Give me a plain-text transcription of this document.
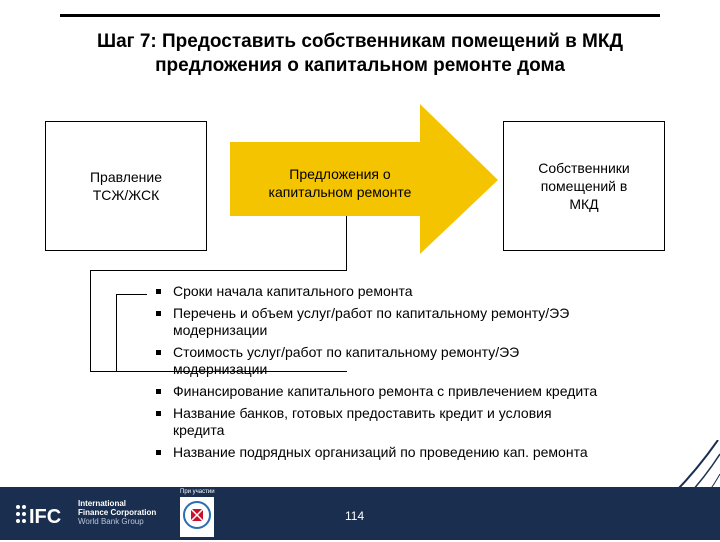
Шаг 7: Предоставить собственникам помещений в МКД
предложения о капитальном ремонте дома
Правление
ТСЖ/ЖСК
Предложения о
капитальном ремонте
Собственники
помещений в
МКД
Сроки начала капитального ремонта
Перечень и объем услуг/работ по капитальному ремонту/ЭЭ
модернизации
Стоимость услуг/работ по капитальному ремонту/ЭЭ
модернизации
Финансирование капитального ремонта с привлечением кредита
Название банков, готовых предоставить кредит и условия
кредита
Название подрядных организаций по проведению кап. ремонта
IFC
International
Finance Corporation
World Bank Group
При участии
114
